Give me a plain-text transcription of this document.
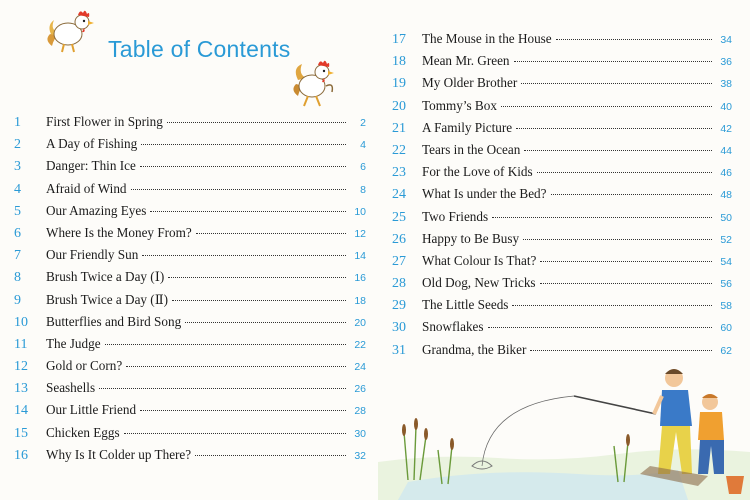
Table of Contents
1	First Flower in Spring	2
2	A Day of Fishing	4
3	Danger: Thin Ice	6
4	Afraid of Wind	8
5	Our Amazing Eyes	10
6	Where Is the Money From?	12
7	Our Friendly Sun	14
8	Brush Twice a Day (Ⅰ)	16
9	Brush Twice a Day (Ⅱ)	18
10	Butterflies and Bird Song	20
11	The Judge	22
12	Gold or Corn?	24
13	Seashells	26
14	Our Little Friend	28
15	Chicken Eggs	30
16	Why Is It Colder up There?	32
17	The Mouse in the House	34
18	Mean Mr. Green	36
19	My Older Brother	38
20	Tommy’s Box	40
21	A Family Picture	42
22	Tears in the Ocean	44
23	For the Love of Kids	46
24	What Is under the Bed?	48
25	Two Friends	50
26	Happy to Be Busy	52
27	What Colour Is That?	54
28	Old Dog, New Tricks	56
29	The Little Seeds	58
30	Snowflakes	60
31	Grandma, the Biker	62
